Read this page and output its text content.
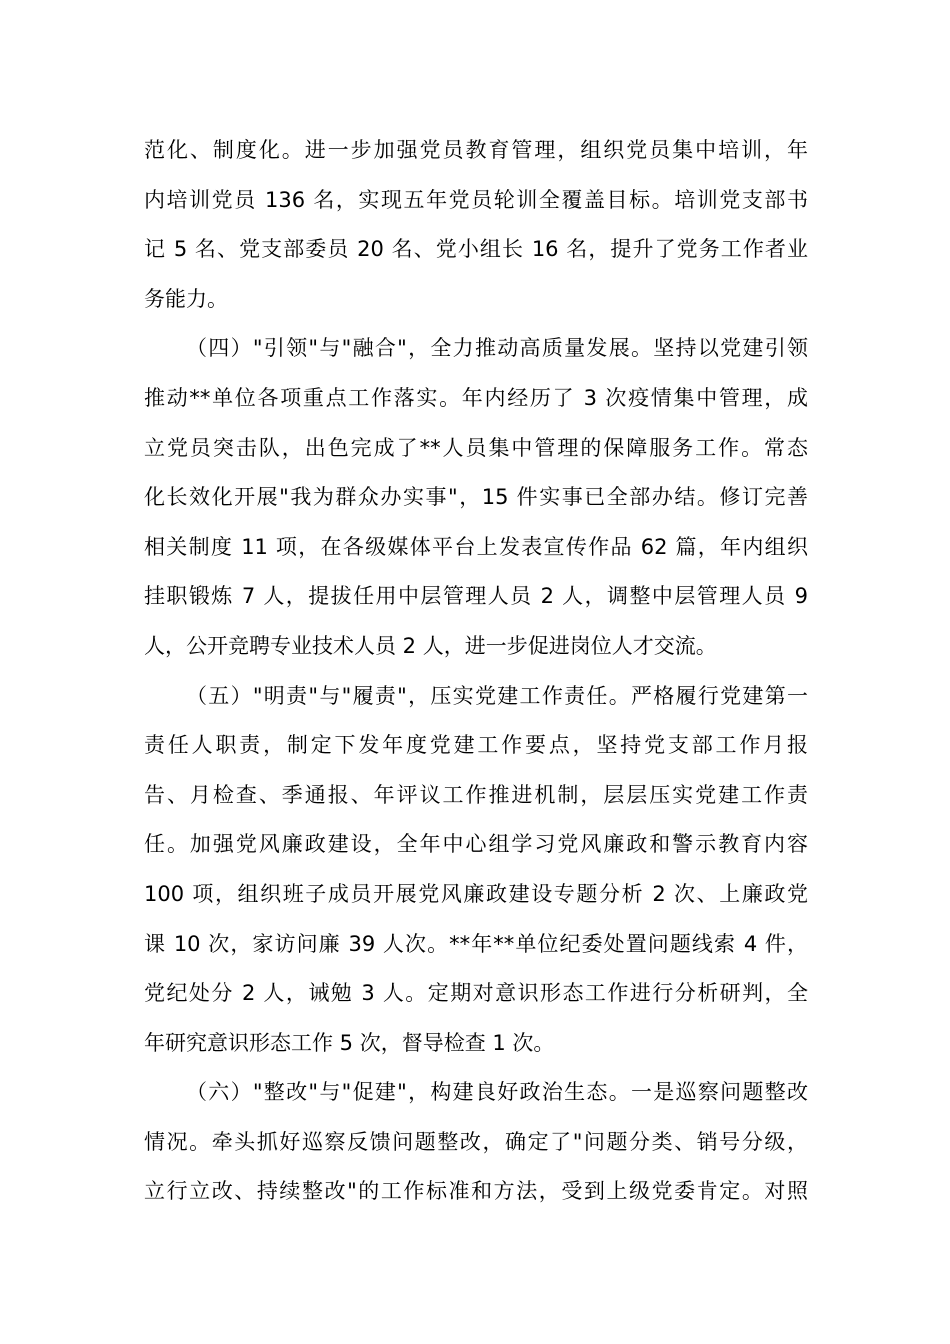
范化、制度化。进一步加强党员教育管理，组织党员集中培训，年
内培训党员 136 名，实现五年党员轮训全覆盖目标。培训党支部书
记 5 名、党支部委员 20 名、党小组长 16 名，提升了党务工作者业
务能力。
（四）"引领"与"融合"，全力推动高质量发展。坚持以党建引领
推动**单位各项重点工作落实。年内经历了 3 次疫情集中管理，成
立党员突击队，出色完成了**人员集中管理的保障服务工作。常态
化长效化开展"我为群众办实事"，15 件实事已全部办结。修订完善
相关制度 11 项，在各级媒体平台上发表宣传作品 62 篇，年内组织
挂职锻炼 7 人，提拔任用中层管理人员 2 人，调整中层管理人员 9
人，公开竞聘专业技术人员 2 人，进一步促进岗位人才交流。
（五）"明责"与"履责"，压实党建工作责任。严格履行党建第一
责任人职责，制定下发年度党建工作要点，坚持党支部工作月报
告、月检查、季通报、年评议工作推进机制，层层压实党建工作责
任。加强党风廉政建设，全年中心组学习党风廉政和警示教育内容
100 项，组织班子成员开展党风廉政建设专题分析 2 次、上廉政党
课 10 次，家访问廉 39 人次。**年**单位纪委处置问题线索 4 件，
党纪处分 2 人，诫勉 3 人。定期对意识形态工作进行分析研判，全
年研究意识形态工作 5 次，督导检查 1 次。
（六）"整改"与"促建"，构建良好政治生态。一是巡察问题整改
情况。牵头抓好巡察反馈问题整改，确定了"问题分类、销号分级，
立行立改、持续整改"的工作标准和方法，受到上级党委肯定。对照
